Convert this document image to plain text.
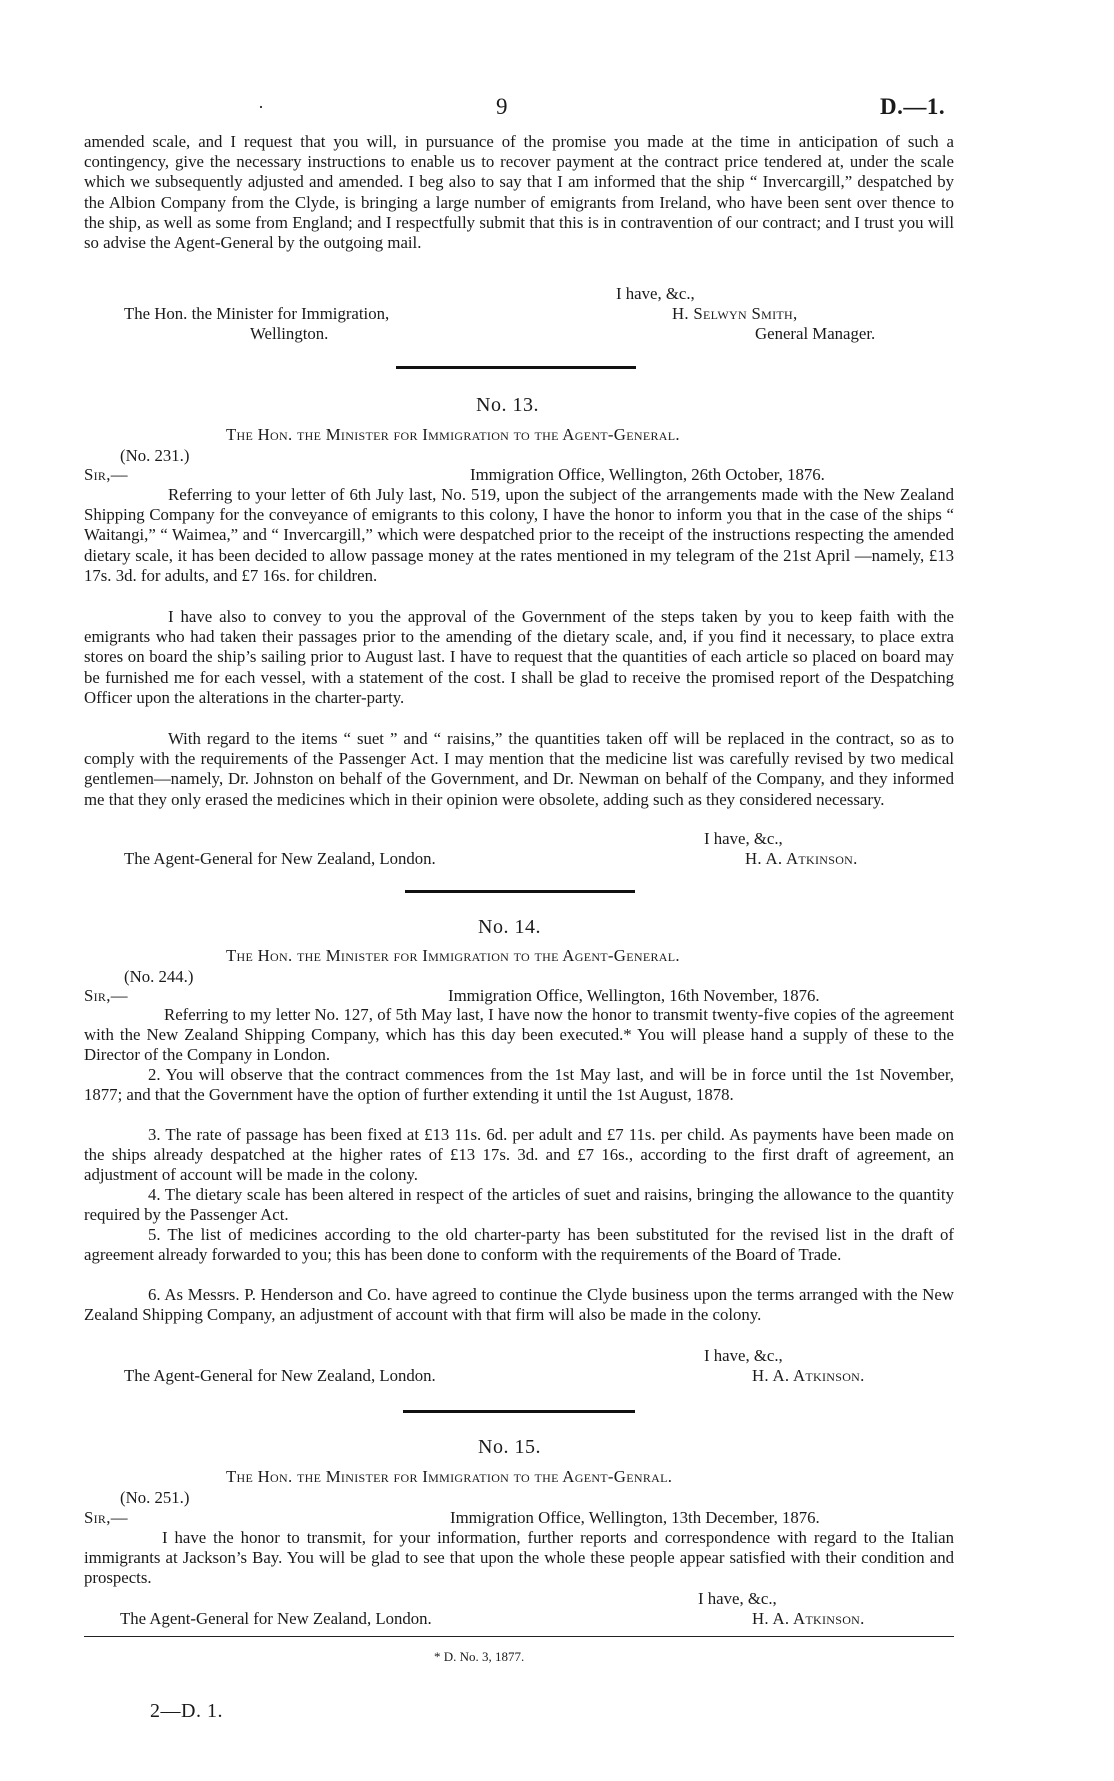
·	9	D.—1.

amended scale, and I request that you will, in pursuance of the promise you made at the time in anticipation of such a contingency, give the necessary instructions to enable us to recover payment at the contract price tendered at, under the scale which we subsequently adjusted and amended. I beg also to say that I am informed that the ship “ Invercargill,” despatched by the Albion Company from the Clyde, is bringing a large number of emigrants from Ireland, who have been sent over thence to the ship, as well as some from England; and I respectfully submit that this is in contravention of our contract; and I trust you will so advise the Agent-General by the outgoing mail.

I have, &c.,
The Hon. the Minister for Immigration,	H. Selwyn Smith,
Wellington.	General Manager.
No. 13.
The Hon. the Minister for Immigration to the Agent-General.
(No. 231.)
Sir,—	Immigration Office, Wellington, 26th October, 1876.

Referring to your letter of 6th July last, No. 519, upon the subject of the arrangements made with the New Zealand Shipping Company for the conveyance of emigrants to this colony, I have the honor to inform you that in the case of the ships “ Waitangi,” “ Waimea,” and “ Invercargill,” which were despatched prior to the receipt of the instructions respecting the amended dietary scale, it has been decided to allow passage money at the rates mentioned in my telegram of the 21st April —namely, £13 17s. 3d. for adults, and £7 16s. for children.

I have also to convey to you the approval of the Government of the steps taken by you to keep faith with the emigrants who had taken their passages prior to the amending of the dietary scale, and, if you find it necessary, to place extra stores on board the ship’s sailing prior to August last. I have to request that the quantities of each article so placed on board may be furnished me for each vessel, with a statement of the cost. I shall be glad to receive the promised report of the Despatching Officer upon the alterations in the charter-party.

With regard to the items “ suet ” and “ raisins,” the quantities taken off will be replaced in the contract, so as to comply with the requirements of the Passenger Act. I may mention that the medicine list was carefully revised by two medical gentlemen—namely, Dr. Johnston on behalf of the Government, and Dr. Newman on behalf of the Company, and they informed me that they only erased the medicines which in their opinion were obsolete, adding such as they considered necessary.

I have, &c.,
The Agent-General for New Zealand, London.	H. A. Atkinson.
No. 14.
The Hon. the Minister for Immigration to the Agent-General.
(No. 244.)
Sir,—	Immigration Office, Wellington, 16th November, 1876.

Referring to my letter No. 127, of 5th May last, I have now the honor to transmit twenty-five copies of the agreement with the New Zealand Shipping Company, which has this day been executed.* You will please hand a supply of these to the Director of the Company in London.

2. You will observe that the contract commences from the 1st May last, and will be in force until the 1st November, 1877; and that the Government have the option of further extending it until the 1st August, 1878.

3. The rate of passage has been fixed at £13 11s. 6d. per adult and £7 11s. per child. As payments have been made on the ships already despatched at the higher rates of £13 17s. 3d. and £7 16s., according to the first draft of agreement, an adjustment of account will be made in the colony.

4. The dietary scale has been altered in respect of the articles of suet and raisins, bringing the allowance to the quantity required by the Passenger Act.

5. The list of medicines according to the old charter-party has been substituted for the revised list in the draft of agreement already forwarded to you; this has been done to conform with the requirements of the Board of Trade.

6. As Messrs. P. Henderson and Co. have agreed to continue the Clyde business upon the terms arranged with the New Zealand Shipping Company, an adjustment of account with that firm will also be made in the colony.

I have, &c.,
The Agent-General for New Zealand, London.	H. A. Atkinson.
No. 15.
The Hon. the Minister for Immigration to the Agent-Genral.
(No. 251.)
Sir,—	Immigration Office, Wellington, 13th December, 1876.

I have the honor to transmit, for your information, further reports and correspondence with regard to the Italian immigrants at Jackson’s Bay. You will be glad to see that upon the whole these people appear satisfied with their condition and prospects.

I have, &c.,
The Agent-General for New Zealand, London.	H. A. Atkinson.
* D. No. 3, 1877.
2—D. 1.
